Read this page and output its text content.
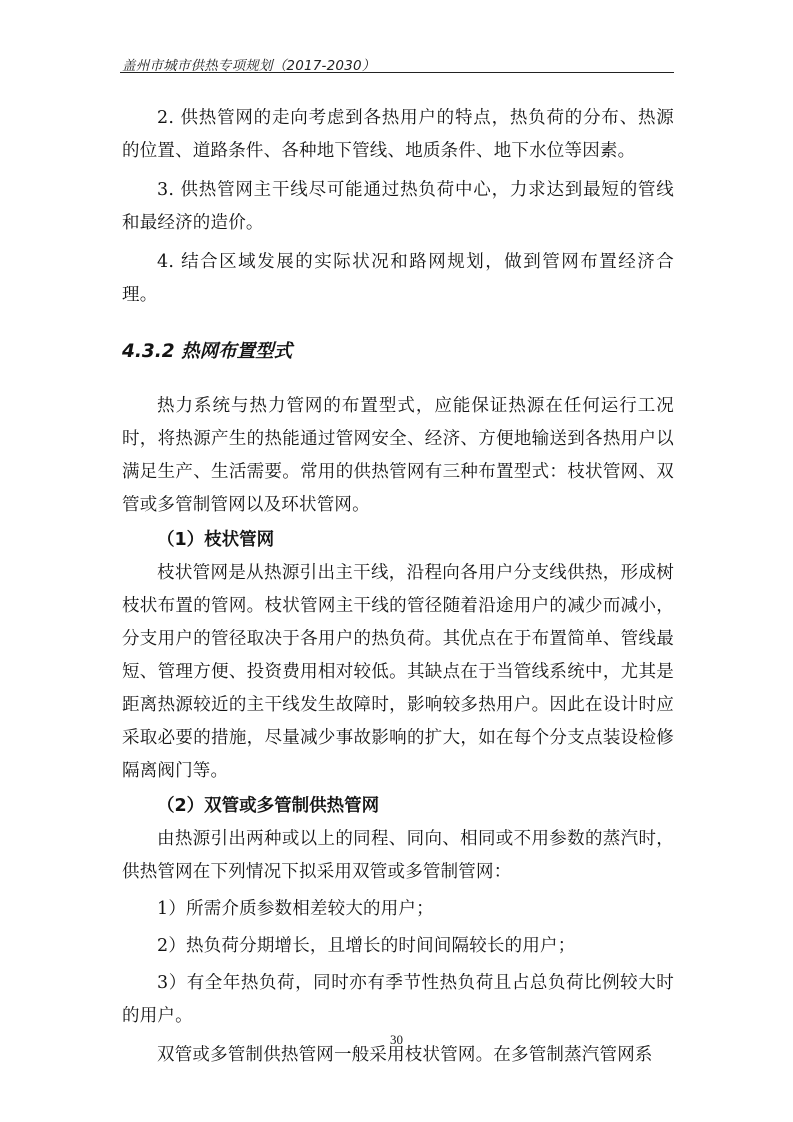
盖州市城市供热专项规划（2017-2030）

2. 供热管网的走向考虑到各热用户的特点，热负荷的分布、热源的位置、道路条件、各种地下管线、地质条件、地下水位等因素。

3. 供热管网主干线尽可能通过热负荷中心，力求达到最短的管线和最经济的造价。

4. 结合区域发展的实际状况和路网规划，做到管网布置经济合理。

4.3.2 热网布置型式

热力系统与热力管网的布置型式，应能保证热源在任何运行工况时，将热源产生的热能通过管网安全、经济、方便地输送到各热用户以满足生产、生活需要。常用的供热管网有三种布置型式：枝状管网、双管或多管制管网以及环状管网。

（1）枝状管网

枝状管网是从热源引出主干线，沿程向各用户分支线供热，形成树枝状布置的管网。枝状管网主干线的管径随着沿途用户的减少而减小，分支用户的管径取决于各用户的热负荷。其优点在于布置简单、管线最短、管理方便、投资费用相对较低。其缺点在于当管线系统中，尤其是距离热源较近的主干线发生故障时，影响较多热用户。因此在设计时应采取必要的措施，尽量减少事故影响的扩大，如在每个分支点装设检修隔离阀门等。

（2）双管或多管制供热管网

由热源引出两种或以上的同程、同向、相同或不用参数的蒸汽时，供热管网在下列情况下拟采用双管或多管制管网：

1）所需介质参数相差较大的用户；
2）热负荷分期增长，且增长的时间间隔较长的用户；

3）有全年热负荷，同时亦有季节性热负荷且占总负荷比例较大时的用户。

双管或多管制供热管网一般采用枝状管网。在多管制蒸汽管网系

30
